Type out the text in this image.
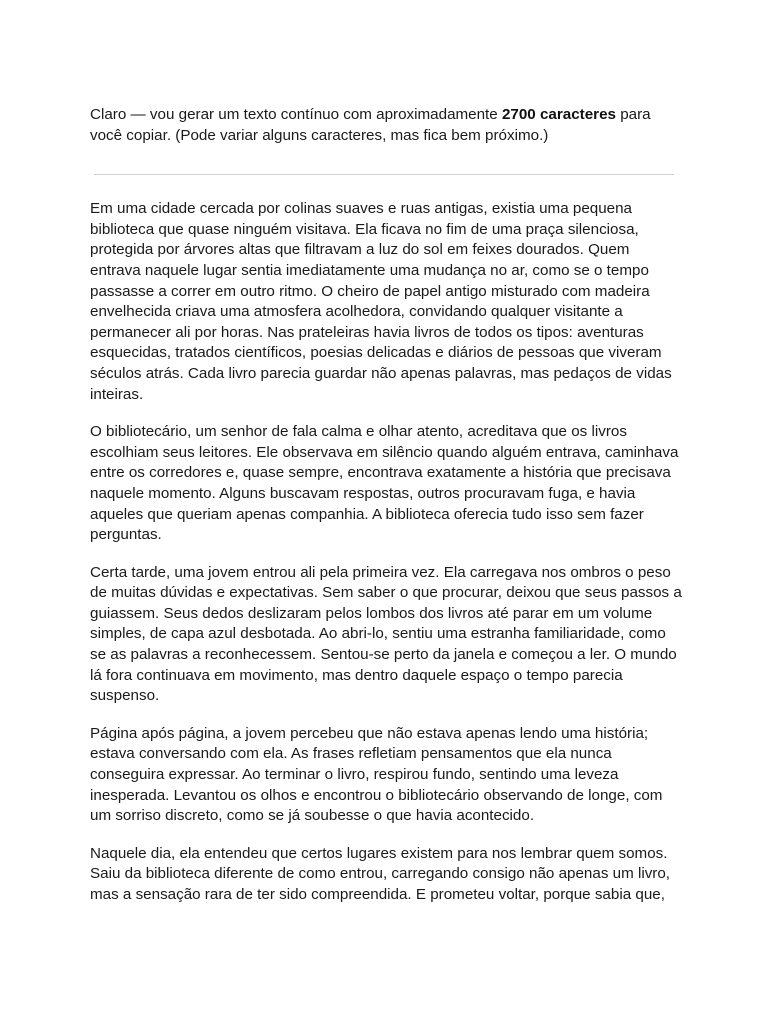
Claro — vou gerar um texto contínuo com aproximadamente 2700 caracteres para você copiar. (Pode variar alguns caracteres, mas fica bem próximo.)

Em uma cidade cercada por colinas suaves e ruas antigas, existia uma pequena biblioteca que quase ninguém visitava. Ela ficava no fim de uma praça silenciosa, protegida por árvores altas que filtravam a luz do sol em feixes dourados. Quem entrava naquele lugar sentia imediatamente uma mudança no ar, como se o tempo passasse a correr em outro ritmo. O cheiro de papel antigo misturado com madeira envelhecida criava uma atmosfera acolhedora, convidando qualquer visitante a permanecer ali por horas. Nas prateleiras havia livros de todos os tipos: aventuras esquecidas, tratados científicos, poesias delicadas e diários de pessoas que viveram séculos atrás. Cada livro parecia guardar não apenas palavras, mas pedaços de vidas inteiras.

O bibliotecário, um senhor de fala calma e olhar atento, acreditava que os livros escolhiam seus leitores. Ele observava em silêncio quando alguém entrava, caminhava entre os corredores e, quase sempre, encontrava exatamente a história que precisava naquele momento. Alguns buscavam respostas, outros procuravam fuga, e havia aqueles que queriam apenas companhia. A biblioteca oferecia tudo isso sem fazer perguntas.

Certa tarde, uma jovem entrou ali pela primeira vez. Ela carregava nos ombros o peso de muitas dúvidas e expectativas. Sem saber o que procurar, deixou que seus passos a guiassem. Seus dedos deslizaram pelos lombos dos livros até parar em um volume simples, de capa azul desbotada. Ao abri-lo, sentiu uma estranha familiaridade, como se as palavras a reconhecessem. Sentou-se perto da janela e começou a ler. O mundo lá fora continuava em movimento, mas dentro daquele espaço o tempo parecia suspenso.

Página após página, a jovem percebeu que não estava apenas lendo uma história; estava conversando com ela. As frases refletiam pensamentos que ela nunca conseguira expressar. Ao terminar o livro, respirou fundo, sentindo uma leveza inesperada. Levantou os olhos e encontrou o bibliotecário observando de longe, com um sorriso discreto, como se já soubesse o que havia acontecido.

Naquele dia, ela entendeu que certos lugares existem para nos lembrar quem somos. Saiu da biblioteca diferente de como entrou, carregando consigo não apenas um livro, mas a sensação rara de ter sido compreendida. E prometeu voltar, porque sabia que,
